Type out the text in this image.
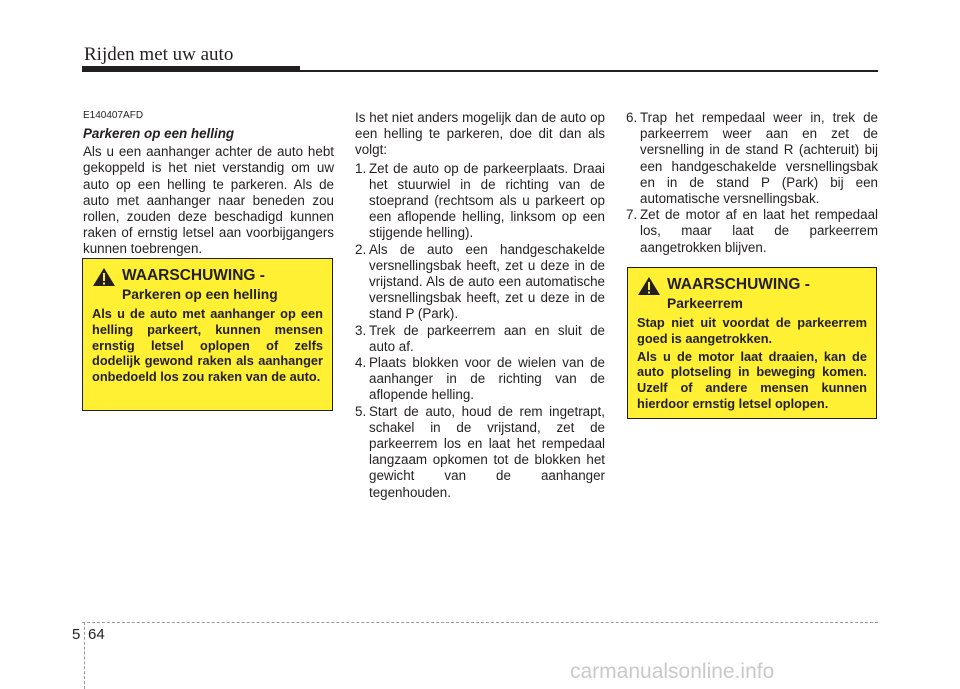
Rijden met uw auto
E140407AFD
Parkeren op een helling

Als u een aanhanger achter de auto hebt gekoppeld is het niet verstandig om uw auto op een helling te parkeren. Als de auto met aanhanger naar beneden zou rollen, zouden deze beschadigd kunnen raken of ernstig letsel aan voorbijgangers kunnen toebrengen.

WAARSCHUWING -
Parkeren op een helling

Als u de auto met aanhanger op een helling parkeert, kunnen mensen ernstig letsel oplopen of zelfs dodelijk gewond raken als aanhanger onbedoeld los zou raken van de auto.

Is het niet anders mogelijk dan de auto op een helling te parkeren, doe dit dan als volgt:

1. Zet de auto op de parkeerplaats. Draai het stuurwiel in de richting van de stoeprand (rechtsom als u parkeert op een aflopende helling, linksom op een stijgende helling).
2. Als de auto een handgeschakelde versnellingsbak heeft, zet u deze in de vrijstand. Als de auto een automatische versnellingsbak heeft, zet u deze in de stand P (Park).
3. Trek de parkeerrem aan en sluit de auto af.
4. Plaats blokken voor de wielen van de aanhanger in de richting van de aflopende helling.
5. Start de auto, houd de rem ingetrapt, schakel in de vrijstand, zet de parkeerrem los en laat het rempedaal langzaam opkomen tot de blokken het gewicht van de aanhanger tegenhouden.
6. Trap het rempedaal weer in, trek de parkeerrem weer aan en zet de versnelling in de stand R (achteruit) bij een handgeschakelde versnellingsbak en in de stand P (Park) bij een automatische versnellingsbak.
7. Zet de motor af en laat het rempedaal los, maar laat de parkeerrem aangetrokken blijven.
WAARSCHUWING -
Parkeerrem

Stap niet uit voordat de parkeerrem goed is aangetrokken.

Als u de motor laat draaien, kan de auto plotseling in beweging komen. Uzelf of andere mensen kunnen hierdoor ernstig letsel oplopen.

5 64
carmanualsonline.info
